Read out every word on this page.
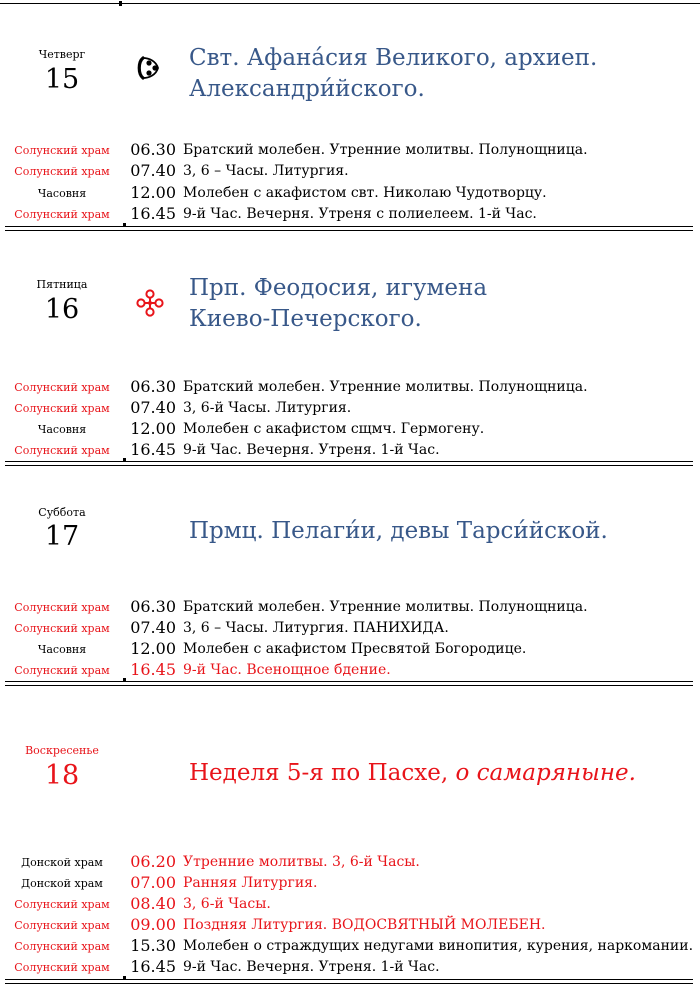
Четверг
15
Свт. Афана́сия Великого, архиеп.
Александри́йского.
Солунский храм	06.30 Братский молебен. Утренние молитвы. Полунощница.
Солунский храм	07.40 3, 6 – Часы. Литургия.
Часовня	12.00 Молебен с акафистом свт. Николаю Чудотворцу.
Солунский храм	16.45 9-й Час. Вечерня. Утреня с полиелеем. 1-й Час.
Пятница
16
Прп. Феодосия, игумена
Киево-Печерского.
Солунский храм	06.30 Братский молебен. Утренние молитвы. Полунощница.
Солунский храм	07.40 3, 6-й Часы. Литургия.
Часовня	12.00 Молебен с акафистом сщмч. Гермогену.
Солунский храм	16.45 9-й Час. Вечерня. Утреня. 1-й Час.
Суббота
17	Прмц. Пелаги́и, девы Тарси́йской.
Солунский храм	06.30 Братский молебен. Утренние молитвы. Полунощница.
Солунский храм	07.40 3, 6 – Часы. Литургия. ПАНИХИДА.
Часовня	12.00 Молебен с акафистом Пресвятой Богородице.
Солунский храм	16.45 9-й Час. Всенощное бдение.
Воскресенье
18	Неделя 5-я по Пасхе, о самаряныне.
Донской храм	06.20 Утренние молитвы. 3, 6-й Часы.
Донской храм	07.00 Ранняя Литургия.
Солунский храм	08.40 3, 6-й Часы.
Солунский храм	09.00 Поздняя Литургия. ВОДОСВЯТНЫЙ МОЛЕБЕН.
Солунский храм	15.30 Молебен о страждущих недугами винопития, курения, наркомании.
Солунский храм	16.45 9-й Час. Вечерня. Утреня. 1-й Час.
